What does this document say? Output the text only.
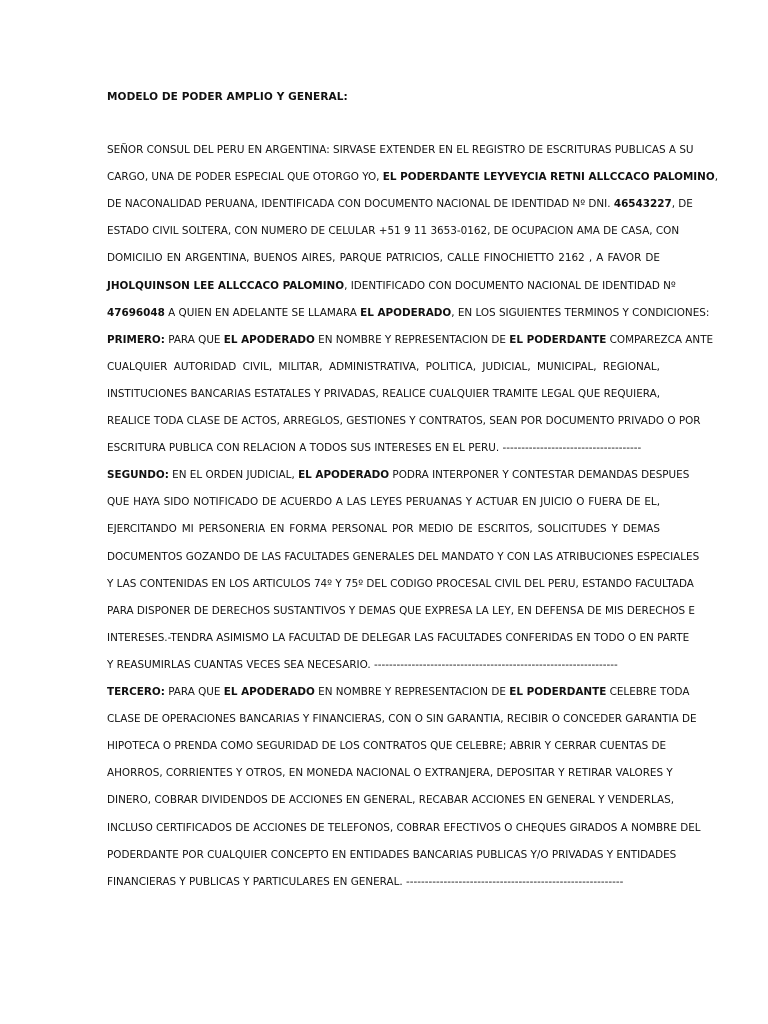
MODELO DE PODER AMPLIO Y GENERAL:
SEÑOR CONSUL DEL PERU EN ARGENTINA: SIRVASE EXTENDER EN EL REGISTRO DE ESCRITURAS PUBLICAS A SU
CARGO, UNA DE PODER ESPECIAL QUE OTORGO YO, EL PODERDANTE LEYVEYCIA RETNI ALLCCACO PALOMINO,
DE NACONALIDAD PERUANA, IDENTIFICADA CON DOCUMENTO NACIONAL DE IDENTIDAD Nº DNI. 46543227, DE
ESTADO CIVIL SOLTERA, CON NUMERO DE CELULAR +51 9 11 3653-0162, DE OCUPACION AMA DE CASA, CON
DOMICILIO EN ARGENTINA, BUENOS AIRES, PARQUE PATRICIOS, CALLE FINOCHIETTO 2162 , A FAVOR DE
JHOLQUINSON LEE ALLCCACO PALOMINO, IDENTIFICADO CON DOCUMENTO NACIONAL DE IDENTIDAD Nº
47696048 A QUIEN EN ADELANTE SE LLAMARA EL APODERADO, EN LOS SIGUIENTES TERMINOS Y CONDICIONES:
PRIMERO: PARA QUE EL APODERADO EN NOMBRE Y REPRESENTACION DE EL PODERDANTE COMPAREZCA ANTE
CUALQUIER AUTORIDAD CIVIL, MILITAR, ADMINISTRATIVA, POLITICA, JUDICIAL, MUNICIPAL, REGIONAL,
INSTITUCIONES BANCARIAS ESTATALES Y PRIVADAS, REALICE CUALQUIER TRAMITE LEGAL QUE REQUIERA,
REALICE TODA CLASE DE ACTOS, ARREGLOS, GESTIONES Y CONTRATOS, SEAN POR DOCUMENTO PRIVADO O POR
ESCRITURA PUBLICA CON RELACION A TODOS SUS INTERESES EN EL PERU. -------------------------------------
SEGUNDO: EN EL ORDEN JUDICIAL, EL APODERADO PODRA INTERPONER Y CONTESTAR DEMANDAS DESPUES
QUE HAYA SIDO NOTIFICADO DE ACUERDO A LAS LEYES PERUANAS Y ACTUAR EN JUICIO O FUERA DE EL,
EJERCITANDO MI PERSONERIA EN FORMA PERSONAL POR MEDIO DE ESCRITOS, SOLICITUDES Y DEMAS
DOCUMENTOS GOZANDO DE LAS FACULTADES GENERALES DEL MANDATO Y CON LAS ATRIBUCIONES ESPECIALES
Y LAS CONTENIDAS EN LOS ARTICULOS 74º Y 75º DEL CODIGO PROCESAL CIVIL DEL PERU, ESTANDO FACULTADA
PARA DISPONER DE DERECHOS SUSTANTIVOS Y DEMAS QUE EXPRESA LA LEY, EN DEFENSA DE MIS DERECHOS E
INTERESES.-TENDRA ASIMISMO LA FACULTAD DE DELEGAR LAS FACULTADES CONFERIDAS EN TODO O EN PARTE
Y REASUMIRLAS CUANTAS VECES SEA NECESARIO. -----------------------------------------------------------------
TERCERO: PARA QUE EL APODERADO EN NOMBRE Y REPRESENTACION DE EL PODERDANTE CELEBRE TODA
CLASE DE OPERACIONES BANCARIAS Y FINANCIERAS, CON O SIN GARANTIA, RECIBIR O CONCEDER GARANTIA DE
HIPOTECA O PRENDA COMO SEGURIDAD DE LOS CONTRATOS QUE CELEBRE; ABRIR Y CERRAR CUENTAS DE
AHORROS, CORRIENTES Y OTROS, EN MONEDA NACIONAL O EXTRANJERA, DEPOSITAR Y RETIRAR VALORES Y
DINERO, COBRAR DIVIDENDOS DE ACCIONES EN GENERAL, RECABAR ACCIONES EN GENERAL Y VENDERLAS,
INCLUSO CERTIFICADOS DE ACCIONES DE TELEFONOS, COBRAR EFECTIVOS O CHEQUES GIRADOS A NOMBRE DEL
PODERDANTE POR CUALQUIER CONCEPTO EN ENTIDADES BANCARIAS PUBLICAS Y/O PRIVADAS Y ENTIDADES
FINANCIERAS Y PUBLICAS Y PARTICULARES EN GENERAL. ----------------------------------------------------------
